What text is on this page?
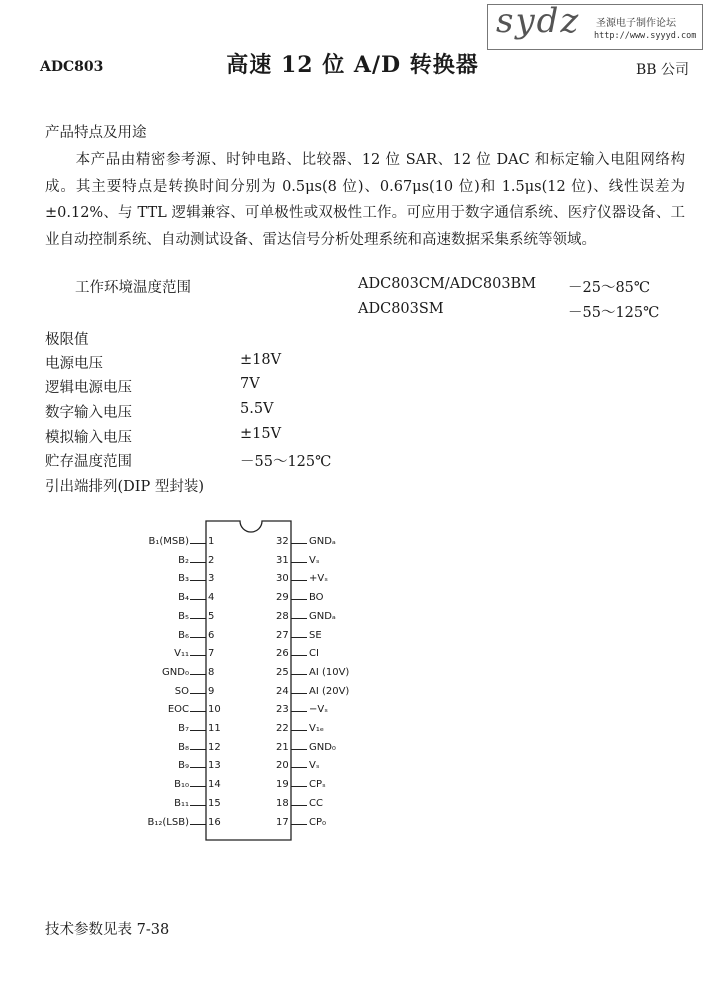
sydz 圣源电子制作论坛
http://www.syyyd.com
ADC803	高速 12 位 A/D 转换器	BB 公司
产品特点及用途
本产品由精密参考源、时钟电路、比较器、12 位 SAR、12 位 DAC 和标定输入电阻网络构成。其主要特点是转换时间分别为 0.5μs(8 位)、0.67μs(10 位)和 1.5μs(12 位)、线性误差为±0.12%、与 TTL 逻辑兼容、可单极性或双极性工作。可应用于数字通信系统、医疗仪器设备、工业自动控制系统、自动测试设备、雷达信号分析处理系统和高速数据采集系统等领域。
工作环境温度范围	ADC803CM/ADC803BM －25～85℃
ADC803SM	－55～125℃
极限值
电源电压	±18V
逻辑电源电压	7V
数字输入电压	5.5V
模拟输入电压	±15V
贮存温度范围	－55～125℃
引出端排列(DIP 型封装)
1
B₁(MSB)
2
B₂
3
B₃
4
B₄
5
B₅
6
B₆
7
V₁₁
8
GND₀
9
SO
10
EOC
11
B₇
12
B₈
13
B₉
14
B₁₀
15
B₁₁
16
B₁₂(LSB)
32 GNDₐ
31 Vₛ
30 +Vₛ
29 BO
28 GNDₐ
27 SE
26 CI
25 AI (10V)
24 AI (20V)
23 −Vₛ
22 V₁ₑ
21 GND₀
20 Vₛ
19 CPₛ
18 CC
17 CP₀
技术参数见表 7-38
